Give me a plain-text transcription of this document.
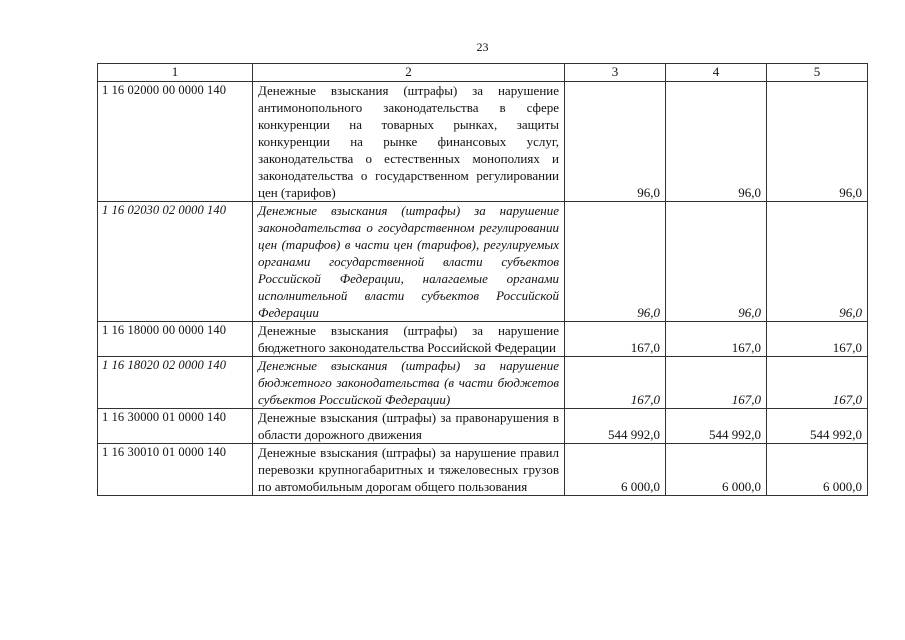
23
1	2	3	4	5
1 16 02000 00 0000 140	Денежные взыскания (штрафы) за нарушение антимонопольного законодательства в сфере конкуренции на товарных рынках, защиты конкуренции на рынке финансовых услуг, законодательства о естественных монополиях и законодательства о государственном регулировании цен (тарифов)	96,0	96,0	96,0
1 16 02030 02 0000 140	Денежные взыскания (штрафы) за нарушение законодательства о государственном регулировании цен (тарифов) в части цен (тарифов), регулируемых органами государственной власти субъектов Российской Федерации, налагаемые органами исполнительной власти субъектов Российской Федерации	96,0	96,0	96,0
1 16 18000 00 0000 140	Денежные взыскания (штрафы) за нарушение бюджетного законодательства Российской Федерации	167,0	167,0	167,0
1 16 18020 02 0000 140	Денежные взыскания (штрафы) за нарушение бюджетного законодательства (в части бюджетов субъектов Российской Федерации)	167,0	167,0	167,0
1 16 30000 01 0000 140	Денежные взыскания (штрафы) за правонарушения в области дорожного движения	544 992,0	544 992,0	544 992,0
1 16 30010 01 0000 140	Денежные взыскания (штрафы) за нарушение правил перевозки крупногабаритных и тяжеловесных грузов по автомобильным дорогам общего пользования	6 000,0	6 000,0	6 000,0
